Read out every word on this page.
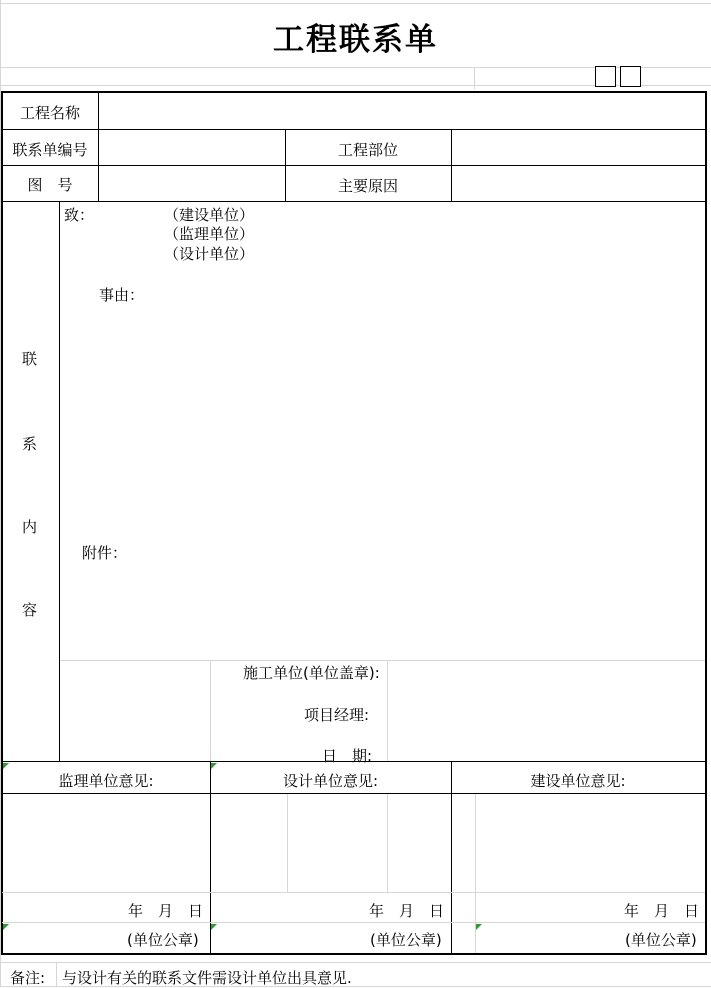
工程联系单
工程名称
联系单编号	工程部位
图　号	主要原因
联
系
内
容
致：	（建设单位）
（监理单位）
（设计单位）
事由：
附件：
施工单位(单位盖章):
项目经理:
日　期:
监理单位意见:	设计单位意见:	建设单位意见:
年　月　日	年　月　日	年　月　日
(单位公章)	(单位公章)	(单位公章)
备注: 与设计有关的联系文件需设计单位出具意见.
